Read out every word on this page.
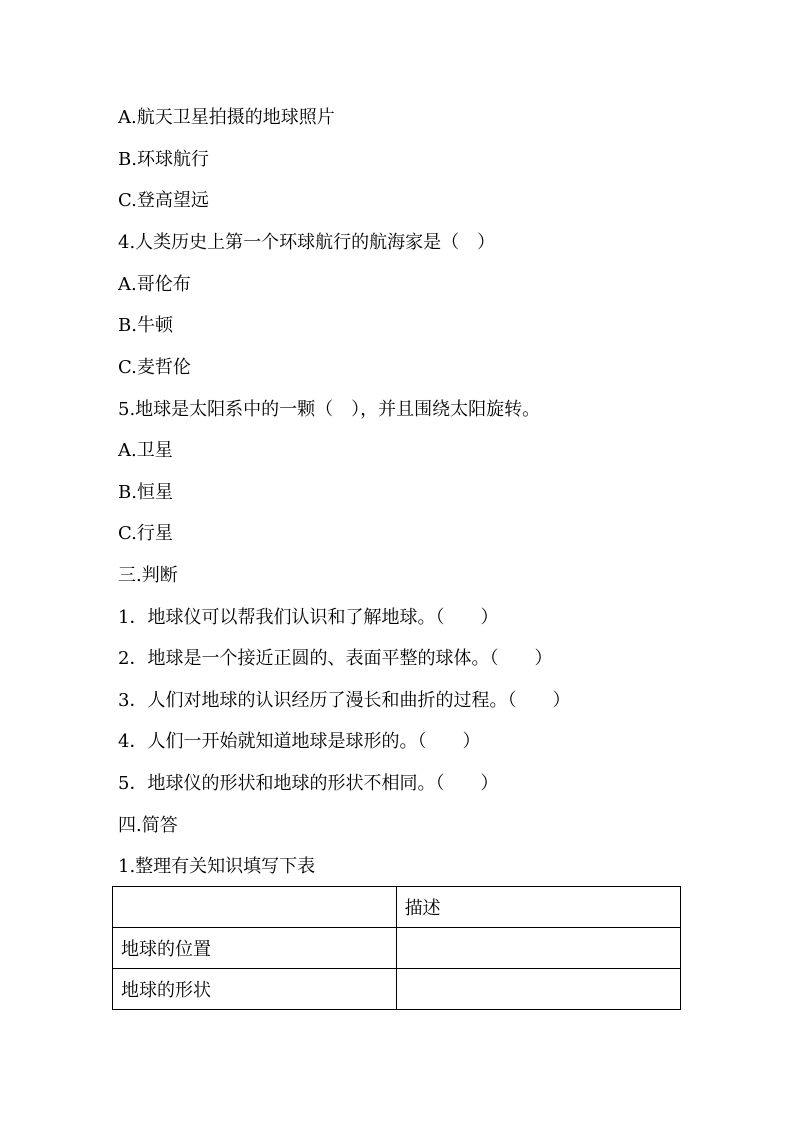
A.航天卫星拍摄的地球照片
B.环球航行
C.登高望远
4.人类历史上第一个环球航行的航海家是（　）
A.哥伦布
B.牛顿
C.麦哲伦
5.地球是太阳系中的一颗（　），并且围绕太阳旋转。
A.卫星
B.恒星
C.行星
三.判断
1．地球仪可以帮我们认识和了解地球。（　　）
2．地球是一个接近正圆的、表面平整的球体。（　　）
3．人们对地球的认识经历了漫长和曲折的过程。（　　）
4．人们一开始就知道地球是球形的。（　　）
5．地球仪的形状和地球的形状不相同。（　　）
四.简答
1.整理有关知识填写下表
	描述
地球的位置	
地球的形状	
